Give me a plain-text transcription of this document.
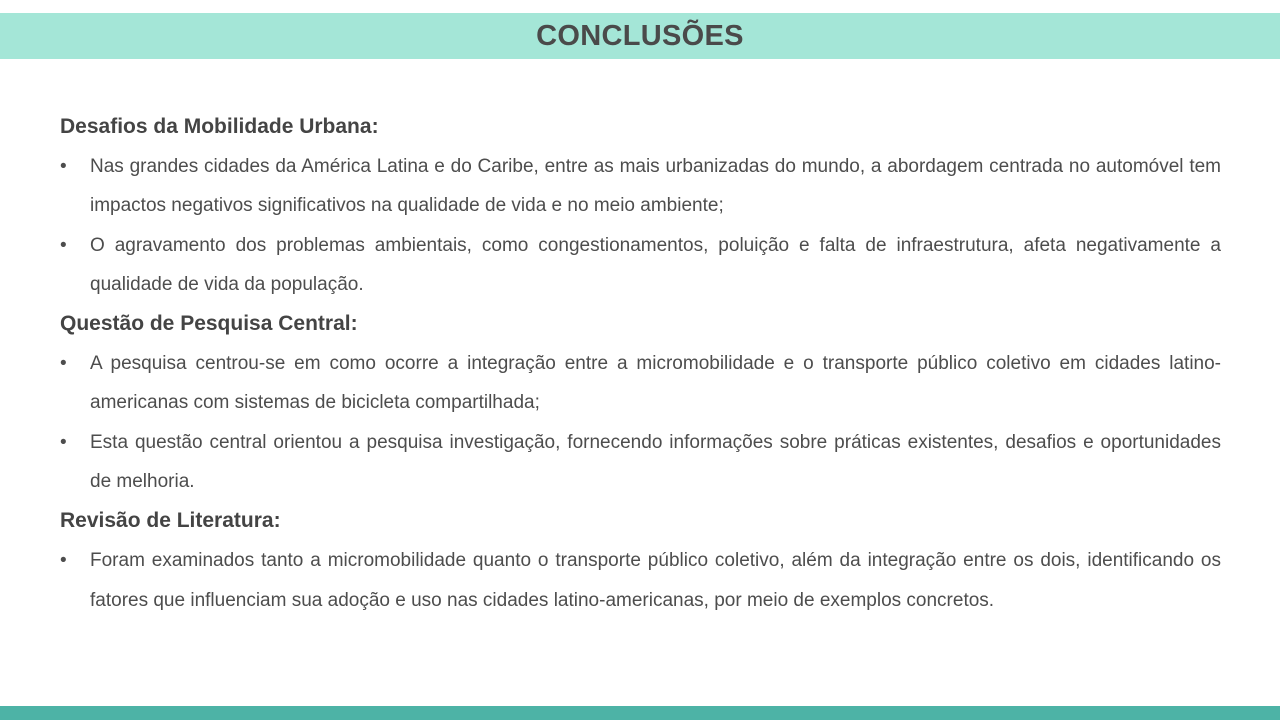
CONCLUSÕES

Desafios da Mobilidade Urbana:

• Nas grandes cidades da América Latina e do Caribe, entre as mais urbanizadas do mundo, a abordagem centrada no automóvel tem impactos negativos significativos na qualidade de vida e no meio ambiente;
• O agravamento dos problemas ambientais, como congestionamentos, poluição e falta de infraestrutura, afeta negativamente a qualidade de vida da população.

Questão de Pesquisa Central:

• A pesquisa centrou-se em como ocorre a integração entre a micromobilidade e o transporte público coletivo em cidades latino-americanas com sistemas de bicicleta compartilhada;
• Esta questão central orientou a pesquisa investigação, fornecendo informações sobre práticas existentes, desafios e oportunidades de melhoria.

Revisão de Literatura:

• Foram examinados tanto a micromobilidade quanto o transporte público coletivo, além da integração entre os dois, identificando os fatores que influenciam sua adoção e uso nas cidades latino-americanas, por meio de exemplos concretos.
